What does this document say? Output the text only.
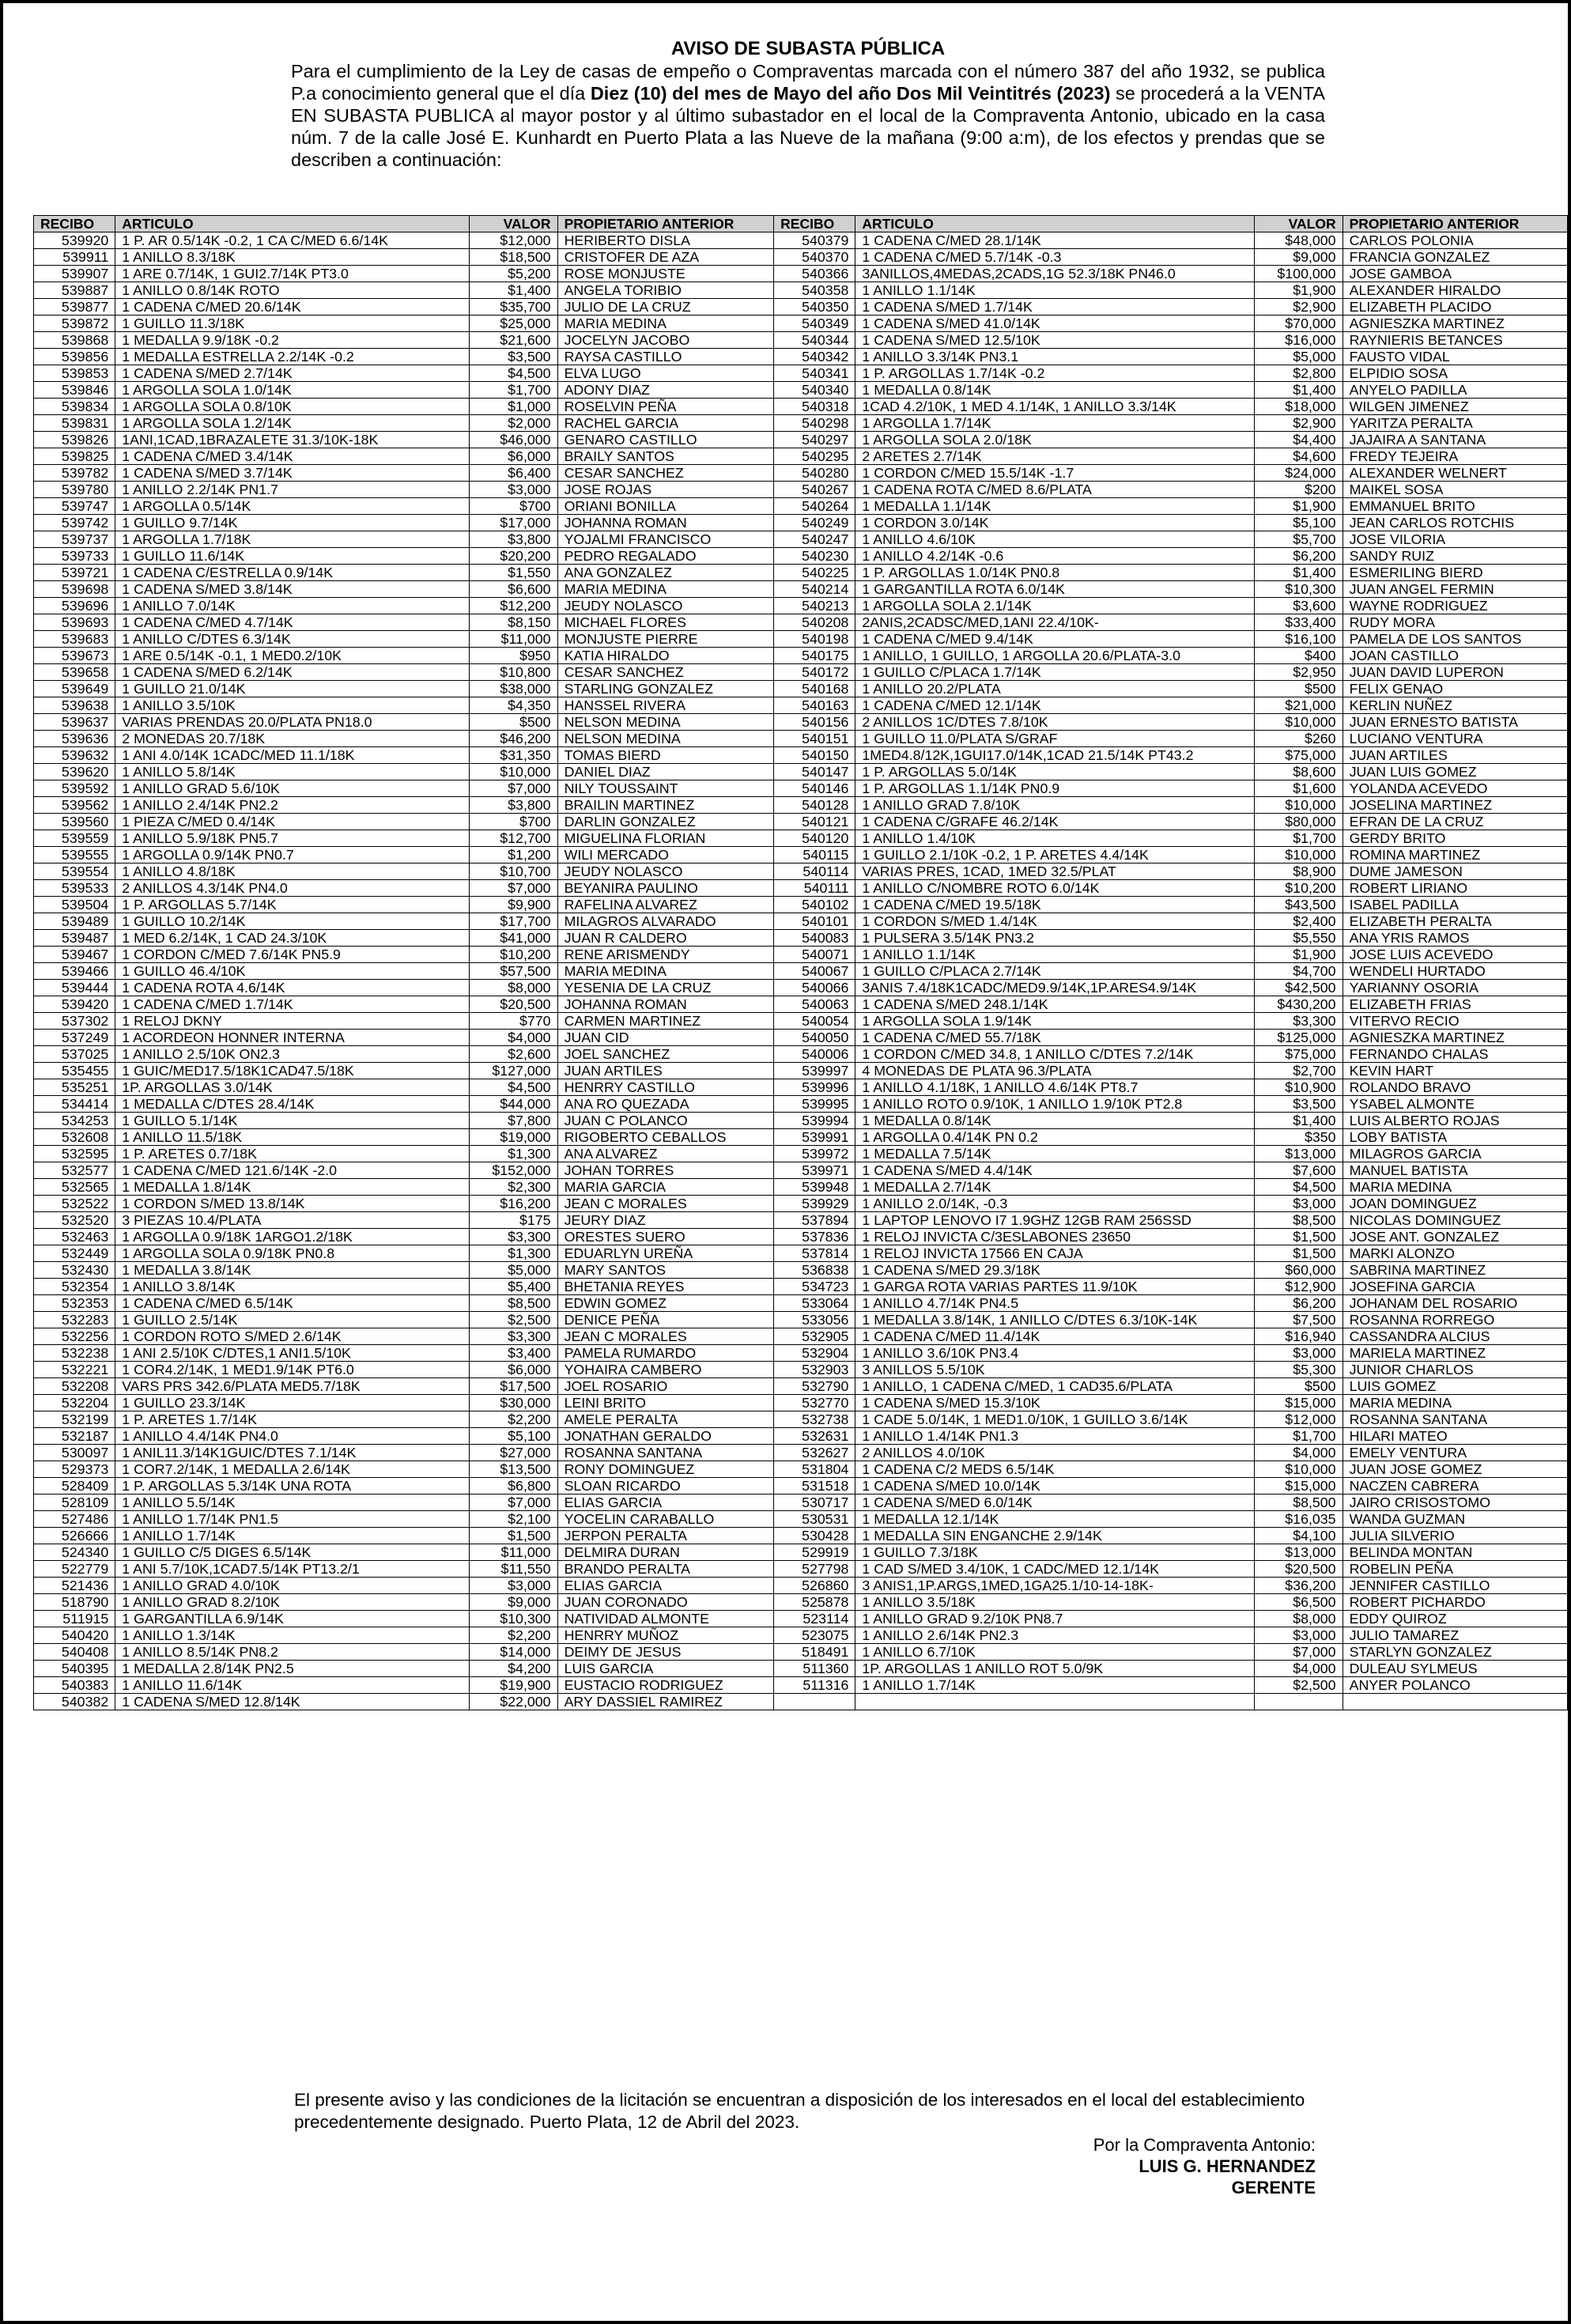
AVISO DE SUBASTA PÚBLICA
Para el cumplimiento de la Ley de casas de empeño o Compraventas marcada con el número 387 del año 1932, se publica P.a conocimiento general que el día Diez (10) del mes de Mayo del año Dos Mil Veintitrés (2023) se procederá a la VENTA EN SUBASTA PUBLICA al mayor postor y al último subastador en el local de la Compraventa Antonio, ubicado en la casa núm. 7 de la calle José E. Kunhardt en Puerto Plata a las Nueve de la mañana (9:00 a:m), de los efectos y prendas que se describen a continuación:
RECIBO	ARTICULO	VALOR	PROPIETARIO ANTERIOR	RECIBO	ARTICULO	VALOR	PROPIETARIO ANTERIOR
539920	1 P. AR 0.5/14K -0.2, 1 CA C/MED 6.6/14K	$12,000	HERIBERTO DISLA	540379	1 CADENA C/MED 28.1/14K	$48,000	CARLOS POLONIA
539911	1 ANILLO 8.3/18K	$18,500	CRISTOFER DE AZA	540370	1 CADENA C/MED 5.7/14K -0.3	$9,000	FRANCIA GONZALEZ
539907	1 ARE 0.7/14K, 1 GUI2.7/14K PT3.0	$5,200	ROSE MONJUSTE	540366	3ANILLOS,4MEDAS,2CADS,1G 52.3/18K PN46.0	$100,000	JOSE GAMBOA
539887	1 ANILLO 0.8/14K ROTO	$1,400	ANGELA TORIBIO	540358	1 ANILLO 1.1/14K	$1,900	ALEXANDER HIRALDO
539877	1 CADENA C/MED 20.6/14K	$35,700	JULIO DE LA CRUZ	540350	1 CADENA S/MED 1.7/14K	$2,900	ELIZABETH PLACIDO
539872	1 GUILLO 11.3/18K	$25,000	MARIA MEDINA	540349	1 CADENA S/MED 41.0/14K	$70,000	AGNIESZKA MARTINEZ
539868	1 MEDALLA 9.9/18K -0.2	$21,600	JOCELYN JACOBO	540344	1 CADENA S/MED 12.5/10K	$16,000	RAYNIERIS BETANCES
539856	1 MEDALLA ESTRELLA 2.2/14K -0.2	$3,500	RAYSA CASTILLO	540342	1 ANILLO 3.3/14K PN3.1	$5,000	FAUSTO VIDAL
539853	1 CADENA S/MED 2.7/14K	$4,500	ELVA LUGO	540341	1 P. ARGOLLAS 1.7/14K -0.2	$2,800	ELPIDIO SOSA
539846	1 ARGOLLA SOLA 1.0/14K	$1,700	ADONY DIAZ	540340	1 MEDALLA 0.8/14K	$1,400	ANYELO PADILLA
539834	1 ARGOLLA SOLA 0.8/10K	$1,000	ROSELVIN PEÑA	540318	1CAD 4.2/10K, 1 MED 4.1/14K, 1 ANILLO 3.3/14K	$18,000	WILGEN JIMENEZ
539831	1 ARGOLLA SOLA 1.2/14K	$2,000	RACHEL GARCIA	540298	1 ARGOLLA 1.7/14K	$2,900	YARITZA PERALTA
539826	1ANI,1CAD,1BRAZALETE 31.3/10K-18K	$46,000	GENARO CASTILLO	540297	1 ARGOLLA SOLA 2.0/18K	$4,400	JAJAIRA A SANTANA
539825	1 CADENA C/MED 3.4/14K	$6,000	BRAILY SANTOS	540295	2 ARETES 2.7/14K	$4,600	FREDY TEJEIRA
539782	1 CADENA S/MED 3.7/14K	$6,400	CESAR SANCHEZ	540280	1 CORDON C/MED 15.5/14K -1.7	$24,000	ALEXANDER WELNERT
539780	1 ANILLO 2.2/14K PN1.7	$3,000	JOSE ROJAS	540267	1 CADENA ROTA C/MED 8.6/PLATA	$200	MAIKEL SOSA
539747	1 ARGOLLA 0.5/14K	$700	ORIANI BONILLA	540264	1 MEDALLA 1.1/14K	$1,900	EMMANUEL BRITO
539742	1 GUILLO 9.7/14K	$17,000	JOHANNA ROMAN	540249	1 CORDON 3.0/14K	$5,100	JEAN CARLOS ROTCHIS
539737	1 ARGOLLA 1.7/18K	$3,800	YOJALMI FRANCISCO	540247	1 ANILLO 4.6/10K	$5,700	JOSE VILORIA
539733	1 GUILLO 11.6/14K	$20,200	PEDRO REGALADO	540230	1 ANILLO 4.2/14K -0.6	$6,200	SANDY RUIZ
539721	1 CADENA C/ESTRELLA 0.9/14K	$1,550	ANA GONZALEZ	540225	1 P. ARGOLLAS 1.0/14K PN0.8	$1,400	ESMERILING BIERD
539698	1 CADENA S/MED 3.8/14K	$6,600	MARIA MEDINA	540214	1 GARGANTILLA ROTA 6.0/14K	$10,300	JUAN ANGEL FERMIN
539696	1 ANILLO 7.0/14K	$12,200	JEUDY NOLASCO	540213	1 ARGOLLA SOLA 2.1/14K	$3,600	WAYNE RODRIGUEZ
539693	1 CADENA C/MED 4.7/14K	$8,150	MICHAEL FLORES	540208	2ANIS,2CADSC/MED,1ANI 22.4/10K-	$33,400	RUDY MORA
539683	1 ANILLO C/DTES 6.3/14K	$11,000	MONJUSTE PIERRE	540198	1 CADENA C/MED 9.4/14K	$16,100	PAMELA DE LOS SANTOS
539673	1 ARE 0.5/14K -0.1, 1 MED0.2/10K	$950	KATIA HIRALDO	540175	1 ANILLO, 1 GUILLO, 1 ARGOLLA 20.6/PLATA-3.0	$400	JOAN CASTILLO
539658	1 CADENA S/MED 6.2/14K	$10,800	CESAR SANCHEZ	540172	1 GUILLO C/PLACA 1.7/14K	$2,950	JUAN DAVID LUPERON
539649	1 GUILLO 21.0/14K	$38,000	STARLING GONZALEZ	540168	1 ANILLO 20.2/PLATA	$500	FELIX GENAO
539638	1 ANILLO 3.5/10K	$4,350	HANSSEL RIVERA	540163	1 CADENA C/MED 12.1/14K	$21,000	KERLIN NUÑEZ
539637	VARIAS PRENDAS 20.0/PLATA PN18.0	$500	NELSON MEDINA	540156	2 ANILLOS 1C/DTES 7.8/10K	$10,000	JUAN ERNESTO BATISTA
539636	2 MONEDAS 20.7/18K	$46,200	NELSON MEDINA	540151	1 GUILLO 11.0/PLATA S/GRAF	$260	LUCIANO VENTURA
539632	1 ANI 4.0/14K 1CADC/MED 11.1/18K	$31,350	TOMAS BIERD	540150	1MED4.8/12K,1GUI17.0/14K,1CAD 21.5/14K PT43.2	$75,000	JUAN ARTILES
539620	1 ANILLO 5.8/14K	$10,000	DANIEL DIAZ	540147	1 P. ARGOLLAS 5.0/14K	$8,600	JUAN LUIS GOMEZ
539592	1 ANILLO GRAD 5.6/10K	$7,000	NILY TOUSSAINT	540146	1 P. ARGOLLAS 1.1/14K PN0.9	$1,600	YOLANDA ACEVEDO
539562	1 ANILLO 2.4/14K PN2.2	$3,800	BRAILIN MARTINEZ	540128	1 ANILLO GRAD 7.8/10K	$10,000	JOSELINA MARTINEZ
539560	1 PIEZA C/MED 0.4/14K	$700	DARLIN GONZALEZ	540121	1 CADENA C/GRAFE 46.2/14K	$80,000	EFRAN DE LA CRUZ
539559	1 ANILLO 5.9/18K PN5.7	$12,700	MIGUELINA FLORIAN	540120	1 ANILLO 1.4/10K	$1,700	GERDY BRITO
539555	1 ARGOLLA 0.9/14K PN0.7	$1,200	WILI MERCADO	540115	1 GUILLO 2.1/10K -0.2, 1 P. ARETES 4.4/14K	$10,000	ROMINA MARTINEZ
539554	1 ANILLO 4.8/18K	$10,700	JEUDY NOLASCO	540114	VARIAS PRES, 1CAD, 1MED 32.5/PLAT	$8,900	DUME JAMESON
539533	2 ANILLOS 4.3/14K PN4.0	$7,000	BEYANIRA PAULINO	540111	1 ANILLO C/NOMBRE ROTO 6.0/14K	$10,200	ROBERT LIRIANO
539504	1 P. ARGOLLAS 5.7/14K	$9,900	RAFELINA ALVAREZ	540102	1 CADENA C/MED 19.5/18K	$43,500	ISABEL PADILLA
539489	1 GUILLO 10.2/14K	$17,700	MILAGROS ALVARADO	540101	1 CORDON S/MED 1.4/14K	$2,400	ELIZABETH PERALTA
539487	1 MED 6.2/14K, 1 CAD 24.3/10K	$41,000	JUAN R CALDERO	540083	1 PULSERA 3.5/14K PN3.2	$5,550	ANA YRIS RAMOS
539467	1 CORDON C/MED 7.6/14K PN5.9	$10,200	RENE ARISMENDY	540071	1 ANILLO 1.1/14K	$1,900	JOSE LUIS ACEVEDO
539466	1 GUILLO 46.4/10K	$57,500	MARIA MEDINA	540067	1 GUILLO C/PLACA 2.7/14K	$4,700	WENDELI HURTADO
539444	1 CADENA ROTA 4.6/14K	$8,000	YESENIA DE LA CRUZ	540066	3ANIS 7.4/18K1CADC/MED9.9/14K,1P.ARES4.9/14K	$42,500	YARIANNY OSORIA
539420	1 CADENA C/MED 1.7/14K	$20,500	JOHANNA ROMAN	540063	1 CADENA S/MED 248.1/14K	$430,200	ELIZABETH FRIAS
537302	1 RELOJ DKNY	$770	CARMEN MARTINEZ	540054	1 ARGOLLA SOLA 1.9/14K	$3,300	VITERVO RECIO
537249	1 ACORDEON HONNER INTERNA	$4,000	JUAN CID	540050	1 CADENA C/MED 55.7/18K	$125,000	AGNIESZKA MARTINEZ
537025	1 ANILLO 2.5/10K ON2.3	$2,600	JOEL SANCHEZ	540006	1 CORDON C/MED 34.8, 1 ANILLO C/DTES 7.2/14K	$75,000	FERNANDO CHALAS
535455	1 GUIC/MED17.5/18K1CAD47.5/18K	$127,000	JUAN ARTILES	539997	4 MONEDAS DE PLATA 96.3/PLATA	$2,700	KEVIN HART
535251	1P. ARGOLLAS 3.0/14K	$4,500	HENRRY CASTILLO	539996	1 ANILLO 4.1/18K, 1 ANILLO 4.6/14K PT8.7	$10,900	ROLANDO BRAVO
534414	1 MEDALLA C/DTES 28.4/14K	$44,000	ANA RO QUEZADA	539995	1 ANILLO ROTO 0.9/10K, 1 ANILLO 1.9/10K PT2.8	$3,500	YSABEL ALMONTE
534253	1 GUILLO 5.1/14K	$7,800	JUAN C POLANCO	539994	1 MEDALLA 0.8/14K	$1,400	LUIS ALBERTO ROJAS
532608	1 ANILLO 11.5/18K	$19,000	RIGOBERTO CEBALLOS	539991	1 ARGOLLA 0.4/14K PN 0.2	$350	LOBY BATISTA
532595	1 P. ARETES 0.7/18K	$1,300	ANA ALVAREZ	539972	1 MEDALLA 7.5/14K	$13,000	MILAGROS GARCIA
532577	1 CADENA C/MED 121.6/14K -2.0	$152,000	JOHAN TORRES	539971	1 CADENA S/MED 4.4/14K	$7,600	MANUEL BATISTA
532565	1 MEDALLA 1.8/14K	$2,300	MARIA GARCIA	539948	1 MEDALLA 2.7/14K	$4,500	MARIA MEDINA
532522	1 CORDON S/MED 13.8/14K	$16,200	JEAN C MORALES	539929	1 ANILLO 2.0/14K, -0.3	$3,000	JOAN DOMINGUEZ
532520	3 PIEZAS 10.4/PLATA	$175	JEURY DIAZ	537894	1 LAPTOP LENOVO I7 1.9GHZ 12GB RAM 256SSD	$8,500	NICOLAS DOMINGUEZ
532463	1 ARGOLLA 0.9/18K 1ARGO1.2/18K	$3,300	ORESTES SUERO	537836	1 RELOJ INVICTA C/3ESLABONES 23650	$1,500	JOSE ANT. GONZALEZ
532449	1 ARGOLLA SOLA 0.9/18K PN0.8	$1,300	EDUARLYN UREÑA	537814	1 RELOJ INVICTA 17566 EN CAJA	$1,500	MARKI ALONZO
532430	1 MEDALLA 3.8/14K	$5,000	MARY SANTOS	536838	1 CADENA S/MED 29.3/18K	$60,000	SABRINA MARTINEZ
532354	1 ANILLO 3.8/14K	$5,400	BHETANIA REYES	534723	1 GARGA ROTA VARIAS PARTES 11.9/10K	$12,900	JOSEFINA GARCIA
532353	1 CADENA C/MED 6.5/14K	$8,500	EDWIN GOMEZ	533064	1 ANILLO 4.7/14K PN4.5	$6,200	JOHANAM DEL ROSARIO
532283	1 GUILLO 2.5/14K	$2,500	DENICE PEÑA	533056	1 MEDALLA 3.8/14K, 1 ANILLO C/DTES 6.3/10K-14K	$7,500	ROSANNA RORREGO
532256	1 CORDON ROTO S/MED 2.6/14K	$3,300	JEAN C MORALES	532905	1 CADENA C/MED 11.4/14K	$16,940	CASSANDRA ALCIUS
532238	1 ANI 2.5/10K C/DTES,1 ANI1.5/10K	$3,400	PAMELA RUMARDO	532904	1 ANILLO 3.6/10K PN3.4	$3,000	MARIELA MARTINEZ
532221	1 COR4.2/14K, 1 MED1.9/14K PT6.0	$6,000	YOHAIRA CAMBERO	532903	3 ANILLOS 5.5/10K	$5,300	JUNIOR CHARLOS
532208	VARS PRS 342.6/PLATA MED5.7/18K	$17,500	JOEL ROSARIO	532790	1 ANILLO, 1 CADENA C/MED, 1 CAD35.6/PLATA	$500	LUIS GOMEZ
532204	1 GUILLO 23.3/14K	$30,000	LEINI BRITO	532770	1 CADENA S/MED 15.3/10K	$15,000	MARIA MEDINA
532199	1 P. ARETES 1.7/14K	$2,200	AMELE PERALTA	532738	1 CADE 5.0/14K, 1 MED1.0/10K, 1 GUILLO 3.6/14K	$12,000	ROSANNA SANTANA
532187	1 ANILLO 4.4/14K PN4.0	$5,100	JONATHAN GERALDO	532631	1 ANILLO 1.4/14K PN1.3	$1,700	HILARI MATEO
530097	1 ANIL11.3/14K1GUIC/DTES 7.1/14K	$27,000	ROSANNA SANTANA	532627	2 ANILLOS 4.0/10K	$4,000	EMELY VENTURA
529373	1 COR7.2/14K, 1 MEDALLA 2.6/14K	$13,500	RONY DOMINGUEZ	531804	1 CADENA C/2 MEDS 6.5/14K	$10,000	JUAN JOSE GOMEZ
528409	1 P. ARGOLLAS 5.3/14K UNA ROTA	$6,800	SLOAN RICARDO	531518	1 CADENA S/MED 10.0/14K	$15,000	NACZEN CABRERA
528109	1 ANILLO 5.5/14K	$7,000	ELIAS GARCIA	530717	1 CADENA S/MED 6.0/14K	$8,500	JAIRO CRISOSTOMO
527486	1 ANILLO 1.7/14K PN1.5	$2,100	YOCELIN CARABALLO	530531	1 MEDALLA 12.1/14K	$16,035	WANDA GUZMAN
526666	1 ANILLO 1.7/14K	$1,500	JERPON PERALTA	530428	1 MEDALLA SIN ENGANCHE 2.9/14K	$4,100	JULIA SILVERIO
524340	1 GUILLO C/5 DIGES 6.5/14K	$11,000	DELMIRA DURAN	529919	1 GUILLO 7.3/18K	$13,000	BELINDA MONTAN
522779	1 ANI 5.7/10K,1CAD7.5/14K PT13.2/1	$11,550	BRANDO PERALTA	527798	1 CAD S/MED 3.4/10K, 1 CADC/MED 12.1/14K	$20,500	ROBELIN PEÑA
521436	1 ANILLO GRAD 4.0/10K	$3,000	ELIAS GARCIA	526860	3 ANIS1,1P.ARGS,1MED,1GA25.1/10-14-18K-	$36,200	JENNIFER CASTILLO
518790	1 ANILLO GRAD 8.2/10K	$9,000	JUAN CORONADO	525878	1 ANILLO 3.5/18K	$6,500	ROBERT PICHARDO
511915	1 GARGANTILLA 6.9/14K	$10,300	NATIVIDAD ALMONTE	523114	1 ANILLO GRAD 9.2/10K PN8.7	$8,000	EDDY QUIROZ
540420	1 ANILLO 1.3/14K	$2,200	HENRRY MUÑOZ	523075	1 ANILLO 2.6/14K PN2.3	$3,000	JULIO TAMAREZ
540408	1 ANILLO 8.5/14K PN8.2	$14,000	DEIMY DE JESUS	518491	1 ANILLO 6.7/10K	$7,000	STARLYN GONZALEZ
540395	1 MEDALLA 2.8/14K PN2.5	$4,200	LUIS GARCIA	511360	1P. ARGOLLAS 1 ANILLO ROT 5.0/9K	$4,000	DULEAU SYLMEUS
540383	1 ANILLO 11.6/14K	$19,900	EUSTACIO RODRIGUEZ	511316	1 ANILLO 1.7/14K	$2,500	ANYER POLANCO
540382	1 CADENA S/MED 12.8/14K	$22,000	ARY DASSIEL RAMIREZ				
El presente aviso y las condiciones de la licitación se encuentran a disposición de los interesados en el local del establecimiento precedentemente designado. Puerto Plata, 12 de Abril del 2023.
Por la Compraventa Antonio:
LUIS G. HERNANDEZ
GERENTE
